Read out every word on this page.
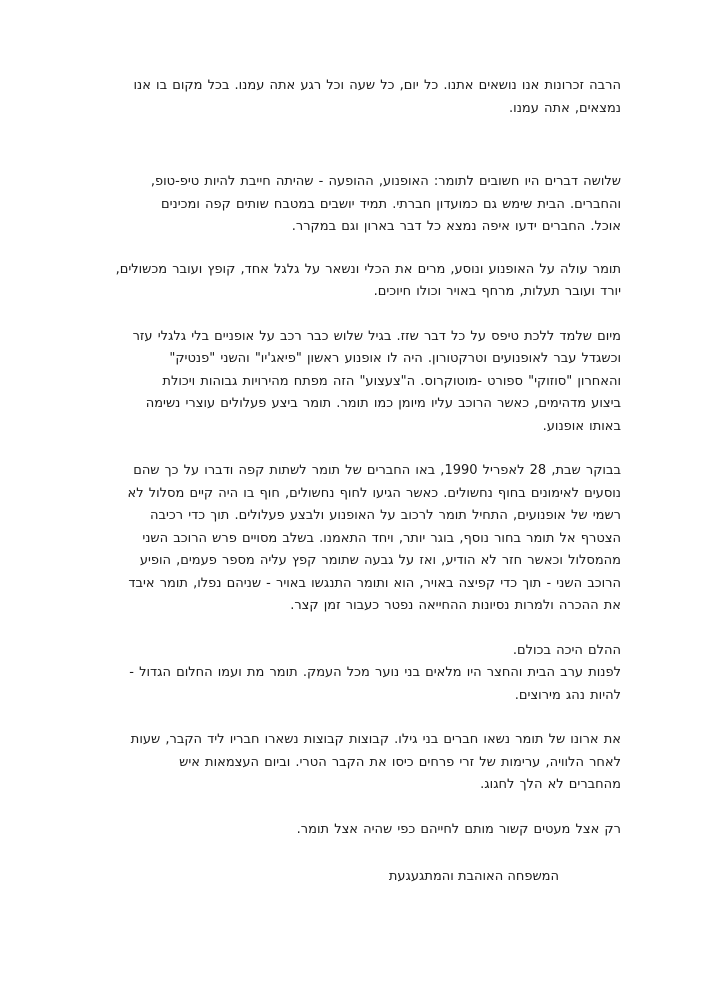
הרבה זכרונות אנו נושאים אתנו. כל יום, כל שעה וכל רגע אתה עמנו. בכל מקום בו אנו
נמצאים, אתה עמנו.

שלושה דברים היו חשובים לתומר: האופנוע, ההופעה - שהיתה חייבת להיות טיפ-טופ,
והחברים. הבית שימש גם כמועדון חברתי. תמיד יושבים במטבח שותים קפה ומכינים
אוכל. החברים ידעו איפה נמצא כל דבר בארון וגם במקרר.

תומר עולה על האופנוע ונוסע, מרים את הכלי ונשאר על גלגל אחד, קופץ ועובר מכשולים,
יורד ועובר תעלות, מרחף באויר וכולו חיוכים.

מיום שלמד ללכת טיפס על כל דבר שזז. בגיל שלוש כבר רכב על אופניים בלי גלגלי עזר
וכשגדל עבר לאופנועים וטרקטורון. היה לו אופנוע ראשון "פיאג'יו" והשני "פנטיק"
והאחרון "סוזוקי" ספורט -מוטוקרוס. ה"צעצוע" הזה מפתח מהירויות גבוהות ויכולת
ביצוע מדהימים, כאשר הרוכב עליו מיומן כמו תומר. תומר ביצע פעלולים עוצרי נשימה
באותו אופנוע.

בבוקר שבת, 28 לאפריל 1990, באו החברים של תומר לשתות קפה ודברו על כך שהם
נוסעים לאימונים בחוף נחשולים. כאשר הגיעו לחוף נחשולים, חוף בו היה קיים מסלול לא
רשמי של אופנועים, התחיל תומר לרכוב על האופנוע ולבצע פעלולים. תוך כדי רכיבה
הצטרף אל תומר בחור נוסף, בוגר יותר, ויחד התאמנו. בשלב מסויים פרש הרוכב השני
מהמסלול וכאשר חזר לא הודיע, ואז על גבעה שתומר קפץ עליה מספר פעמים, הופיע
הרוכב השני - תוך כדי קפיצה באויר, הוא ותומר התנגשו באויר - שניהם נפלו, תומר איבד
את ההכרה ולמרות נסיונות ההחייאה נפטר כעבור זמן קצר.

ההלם היכה בכולם.
לפנות ערב הבית והחצר היו מלאים בני נוער מכל העמק. תומר מת ועמו החלום הגדול -
להיות נהג מירוצים.

את ארונו של תומר נשאו חברים בני גילו. קבוצות קבוצות נשארו חבריו ליד הקבר, שעות
לאחר הלוויה, ערימות של זרי פרחים כיסו את הקבר הטרי. וביום העצמאות איש
מהחברים לא הלך לחגוג.

רק אצל מעטים קשור מותם לחייהם כפי שהיה אצל תומר.

המשפחה האוהבת והמתגעגעת
